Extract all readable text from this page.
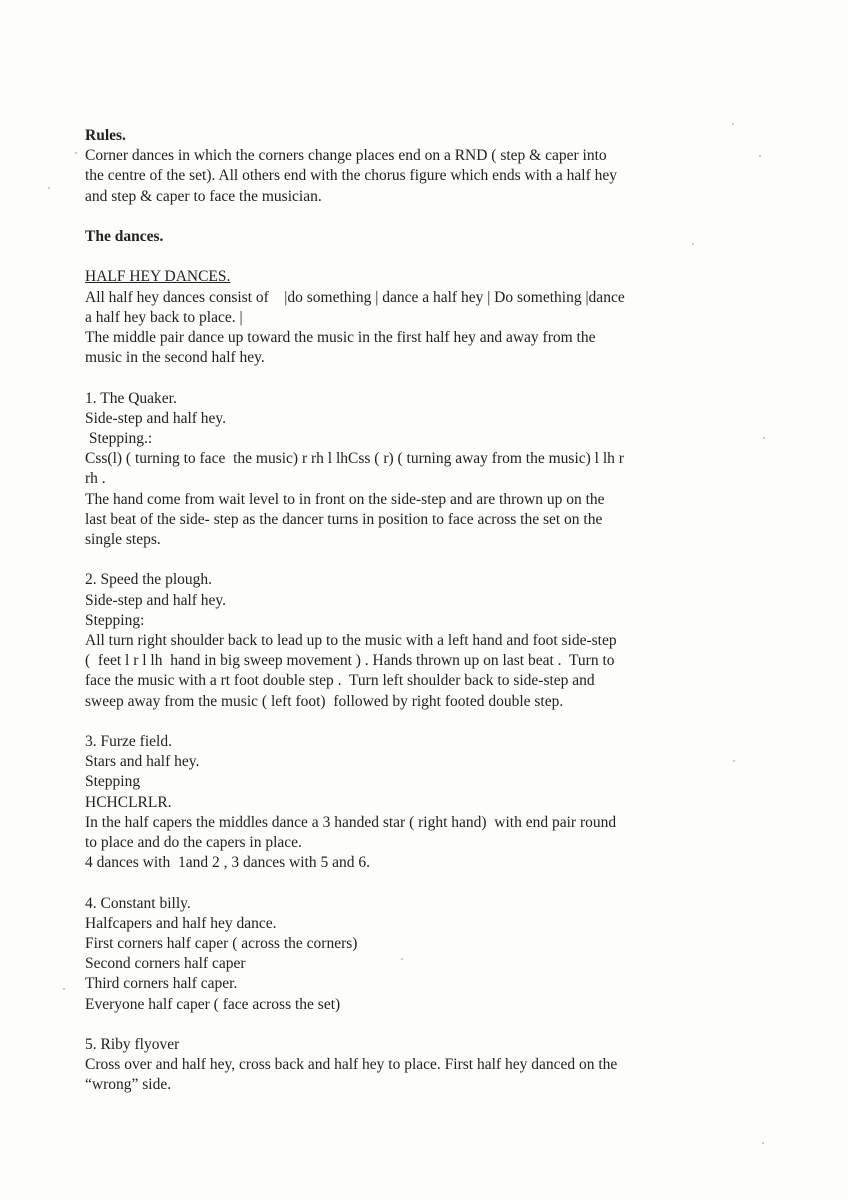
Rules.

Corner dances in which the corners change places end on a RND ( step & caper into

the centre of the set). All others end with the chorus figure which ends with a half hey

and step & caper to face the musician.

The dances.

HALF HEY DANCES.

All half hey dances consist of    |do something | dance a half hey | Do something |dance

a half hey back to place. |

The middle pair dance up toward the music in the first half hey and away from the

music in the second half hey.

1. The Quaker.

Side-step and half hey.

Stepping.:

Css(l) ( turning to face  the music) r rh l lhCss ( r) ( turning away from the music) l lh r

rh .

The hand come from wait level to in front on the side-step and are thrown up on the

last beat of the side- step as the dancer turns in position to face across the set on the

single steps.

2. Speed the plough.

Side-step and half hey.

Stepping:

All turn right shoulder back to lead up to the music with a left hand and foot side-step

(  feet l r l lh  hand in big sweep movement ) . Hands thrown up on last beat .  Turn to

face the music with a rt foot double step .  Turn left shoulder back to side-step and

sweep away from the music ( left foot)  followed by right footed double step.

3. Furze field.

Stars and half hey.

Stepping

HCHCLRLR.

In the half capers the middles dance a 3 handed star ( right hand)  with end pair round

to place and do the capers in place.

4 dances with  1and 2 , 3 dances with 5 and 6.

4. Constant billy.

Halfcapers and half hey dance.

First corners half caper ( across the corners)

Second corners half caper

Third corners half caper.

Everyone half caper ( face across the set)

5. Riby flyover

Cross over and half hey, cross back and half hey to place. First half hey danced on the

“wrong” side.
